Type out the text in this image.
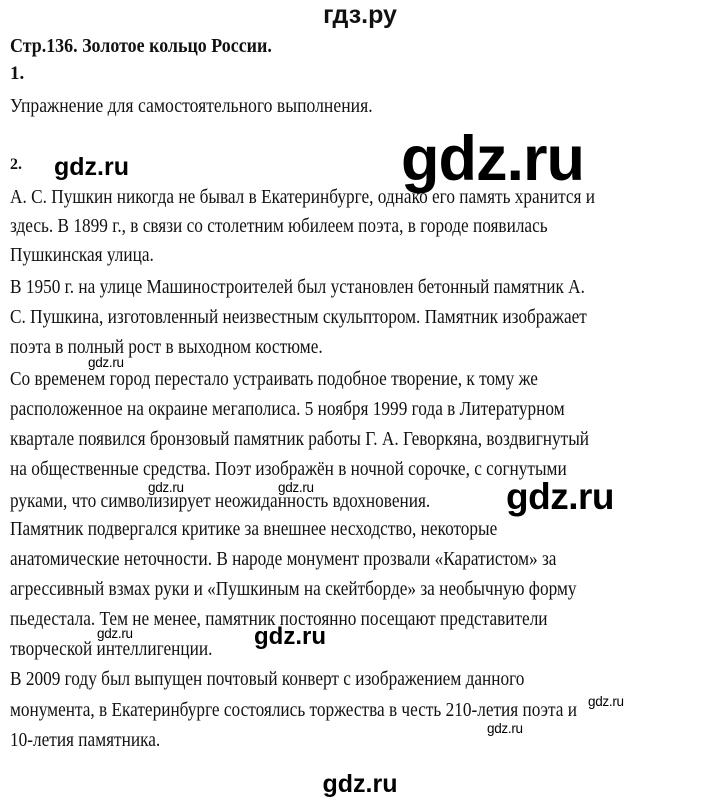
гдз.ру
Стр.136. Золотое кольцо России.
1.
Упражнение для самостоятельного выполнения.
2.
А. С. Пушкин никогда не бывал в Екатеринбурге, однако его память хранится и
здесь. В 1899 г., в связи со столетним юбилеем поэта, в городе появилась
Пушкинская улица.
В 1950 г. на улице Машиностроителей был установлен бетонный памятник А.
С. Пушкина, изготовленный неизвестным скульптором. Памятник изображает
поэта в полный рост в выходном костюме.
Со временем город перестало устраивать подобное творение, к тому же
расположенное на окраине мегаполиса. 5 ноября 1999 года в Литературном
квартале появился бронзовый памятник работы Г. А. Геворкяна, воздвигнутый
на общественные средства. Поэт изображён в ночной сорочке, с согнутыми
руками, что символизирует неожиданность вдохновения.
Памятник подвергался критике за внешнее несходство, некоторые
анатомические неточности. В народе монумент прозвали «Каратистом» за
агрессивный взмах руки и «Пушкиным на скейтборде» за необычную форму
пьедестала. Тем не менее, памятник постоянно посещают представители
творческой интеллигенции.
В 2009 году был выпущен почтовый конверт с изображением данного
монумента, в Екатеринбурге состоялись торжества в честь 210-летия поэта и
10-летия памятника.
gdz.ru	gdz.ru
gdz.ru
gdz.ru	gdz.ru	gdz.ru
gdz.ru	gdz.ru
gdz.ru
gdz.ru
gdz.ru
